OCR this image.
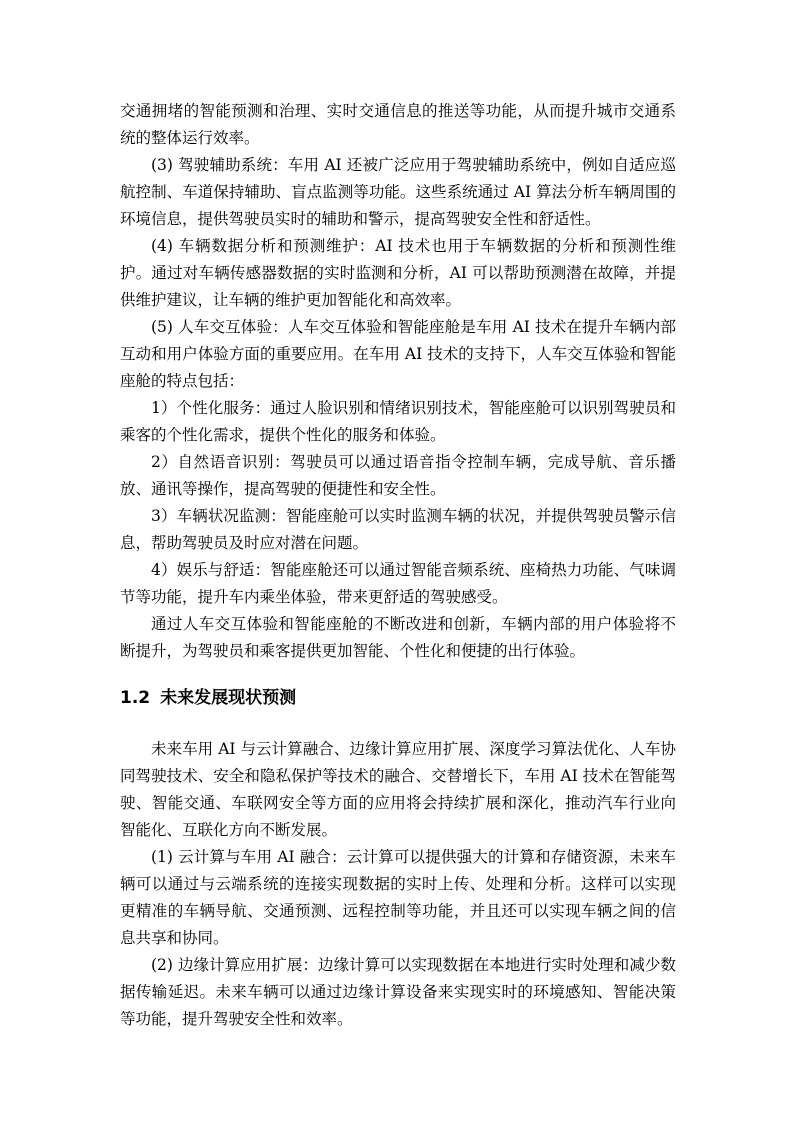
交通拥堵的智能预测和治理、实时交通信息的推送等功能，从而提升城市交通系统的整体运行效率。

(3) 驾驶辅助系统：车用 AI 还被广泛应用于驾驶辅助系统中，例如自适应巡航控制、车道保持辅助、盲点监测等功能。这些系统通过 AI 算法分析车辆周围的环境信息，提供驾驶员实时的辅助和警示，提高驾驶安全性和舒适性。

(4) 车辆数据分析和预测维护：AI 技术也用于车辆数据的分析和预测性维护。通过对车辆传感器数据的实时监测和分析，AI 可以帮助预测潜在故障，并提供维护建议，让车辆的维护更加智能化和高效率。

(5) 人车交互体验：人车交互体验和智能座舱是车用 AI 技术在提升车辆内部互动和用户体验方面的重要应用。在车用 AI 技术的支持下，人车交互体验和智能座舱的特点包括：

1）个性化服务：通过人脸识别和情绪识别技术，智能座舱可以识别驾驶员和乘客的个性化需求，提供个性化的服务和体验。

2）自然语音识别：驾驶员可以通过语音指令控制车辆，完成导航、音乐播放、通讯等操作，提高驾驶的便捷性和安全性。

3）车辆状况监测：智能座舱可以实时监测车辆的状况，并提供驾驶员警示信息，帮助驾驶员及时应对潜在问题。

4）娱乐与舒适：智能座舱还可以通过智能音频系统、座椅热力功能、气味调节等功能，提升车内乘坐体验，带来更舒适的驾驶感受。

通过人车交互体验和智能座舱的不断改进和创新，车辆内部的用户体验将不断提升，为驾驶员和乘客提供更加智能、个性化和便捷的出行体验。

1.2 未来发展现状预测

未来车用 AI 与云计算融合、边缘计算应用扩展、深度学习算法优化、人车协同驾驶技术、安全和隐私保护等技术的融合、交替增长下，车用 AI 技术在智能驾驶、智能交通、车联网安全等方面的应用将会持续扩展和深化，推动汽车行业向智能化、互联化方向不断发展。

(1) 云计算与车用 AI 融合：云计算可以提供强大的计算和存储资源，未来车辆可以通过与云端系统的连接实现数据的实时上传、处理和分析。这样可以实现更精准的车辆导航、交通预测、远程控制等功能，并且还可以实现车辆之间的信息共享和协同。

(2) 边缘计算应用扩展：边缘计算可以实现数据在本地进行实时处理和减少数据传输延迟。未来车辆可以通过边缘计算设备来实现实时的环境感知、智能决策等功能，提升驾驶安全性和效率。
